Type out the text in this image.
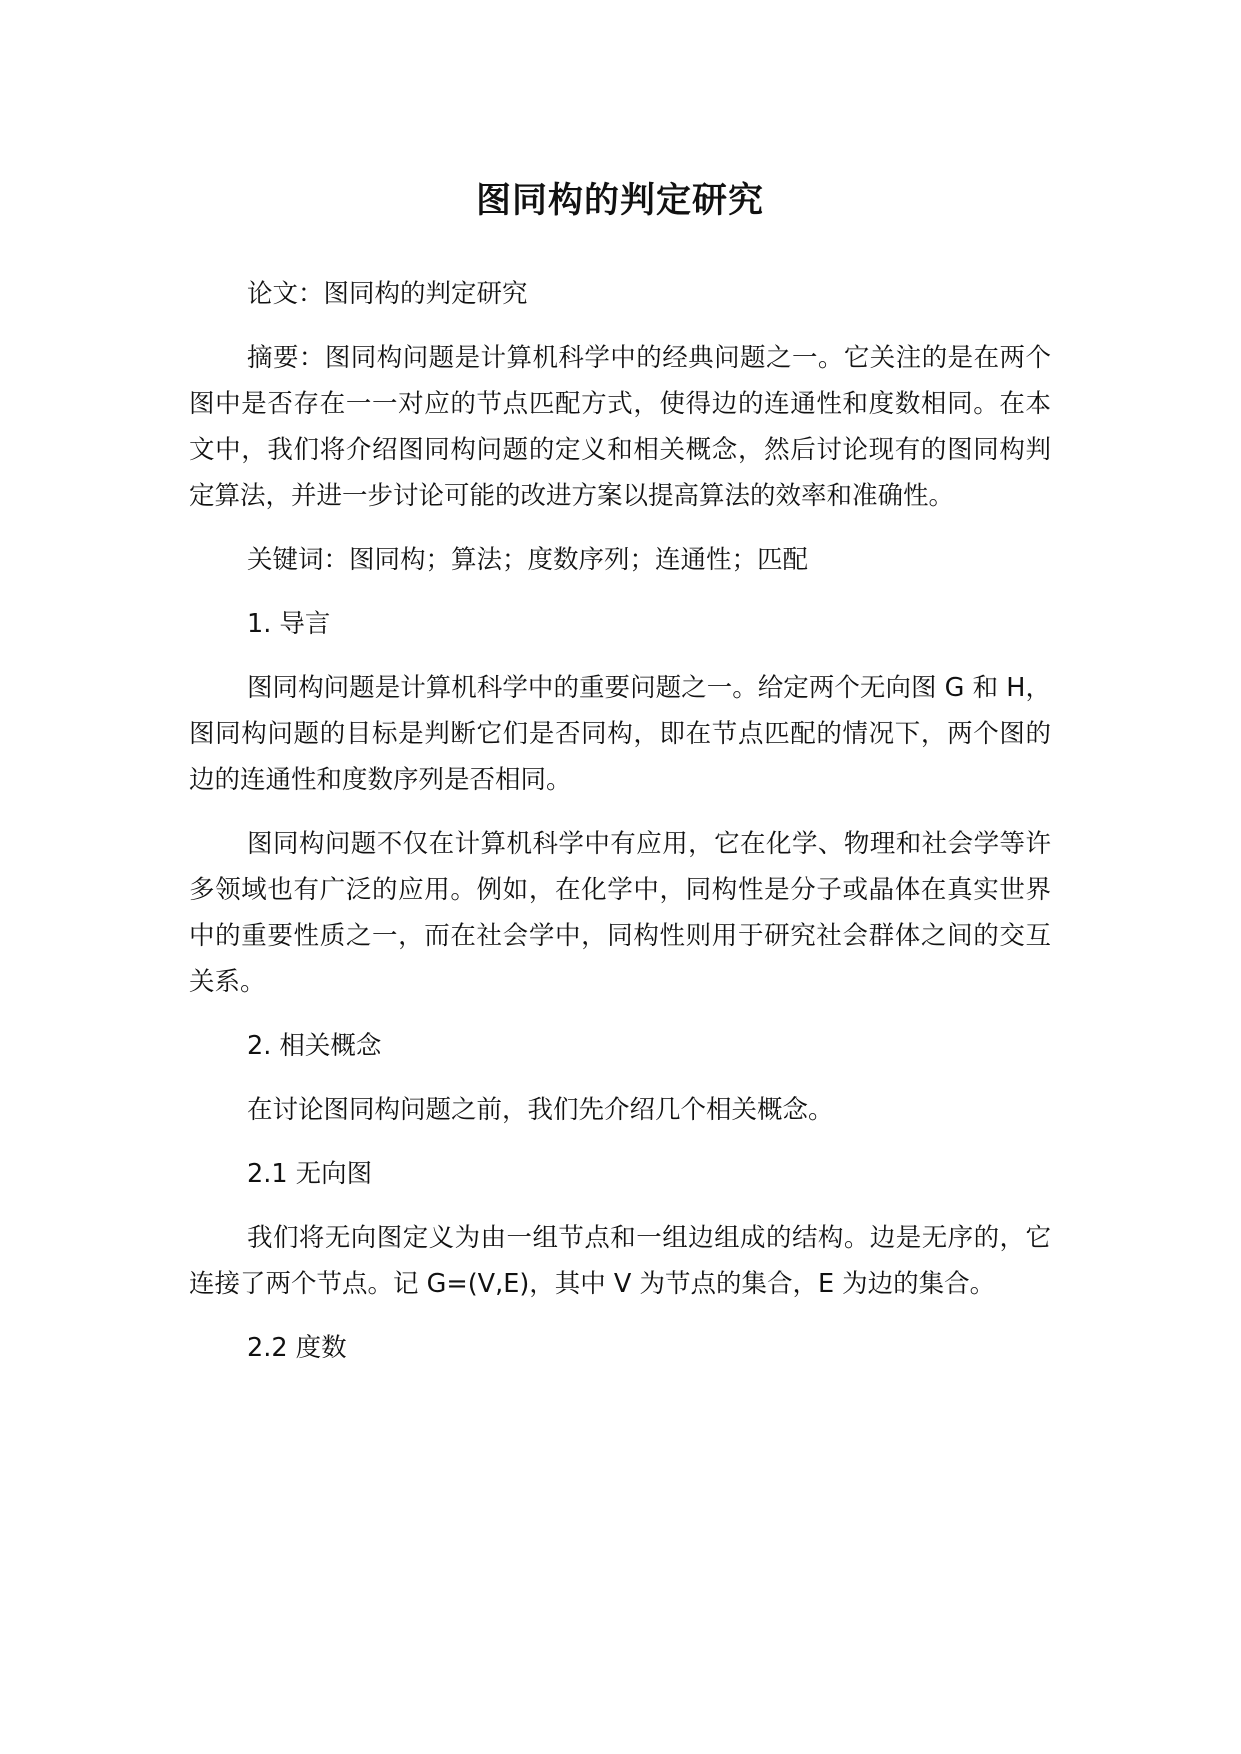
图同构的判定研究

论文：图同构的判定研究

摘要：图同构问题是计算机科学中的经典问题之一。它关注的是在两个图中是否存在一一对应的节点匹配方式，使得边的连通性和度数相同。在本文中，我们将介绍图同构问题的定义和相关概念，然后讨论现有的图同构判定算法，并进一步讨论可能的改进方案以提高算法的效率和准确性。

关键词：图同构；算法；度数序列；连通性；匹配

1. 导言

图同构问题是计算机科学中的重要问题之一。给定两个无向图 G 和 H，图同构问题的目标是判断它们是否同构，即在节点匹配的情况下，两个图的边的连通性和度数序列是否相同。

图同构问题不仅在计算机科学中有应用，它在化学、物理和社会学等许多领域也有广泛的应用。例如，在化学中，同构性是分子或晶体在真实世界中的重要性质之一，而在社会学中，同构性则用于研究社会群体之间的交互关系。

2. 相关概念

在讨论图同构问题之前，我们先介绍几个相关概念。

2.1 无向图

我们将无向图定义为由一组节点和一组边组成的结构。边是无序的，它连接了两个节点。记 G=(V,E)，其中 V 为节点的集合，E 为边的集合。

2.2 度数
